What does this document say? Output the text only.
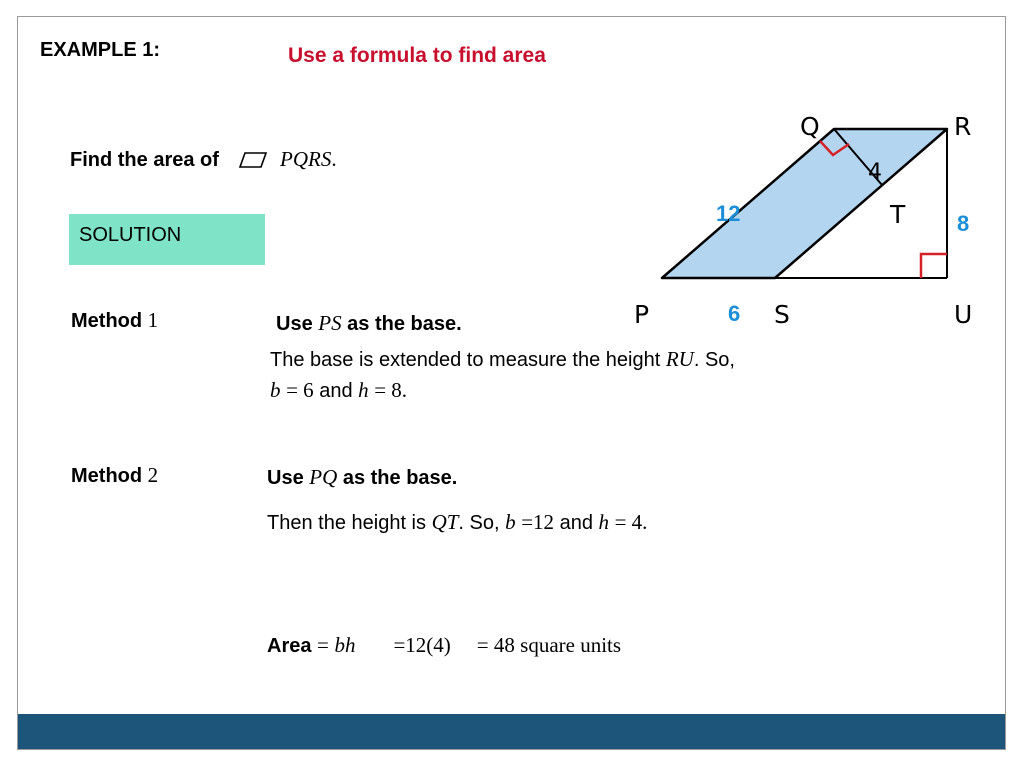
EXAMPLE 1:	Use a formula to find area
Find the area of	PQRS.
SOLUTION
Method 1	Use PS as the base.
The base is extended to measure the height RU. So,
b = 6 and h = 8.
Method 2	Use PQ as the base.
Then the height is QT. So, b =12 and h = 4.
Area = bh =12(4) = 48 square units
Q	R
T
P	S	U
4
12
6
8
